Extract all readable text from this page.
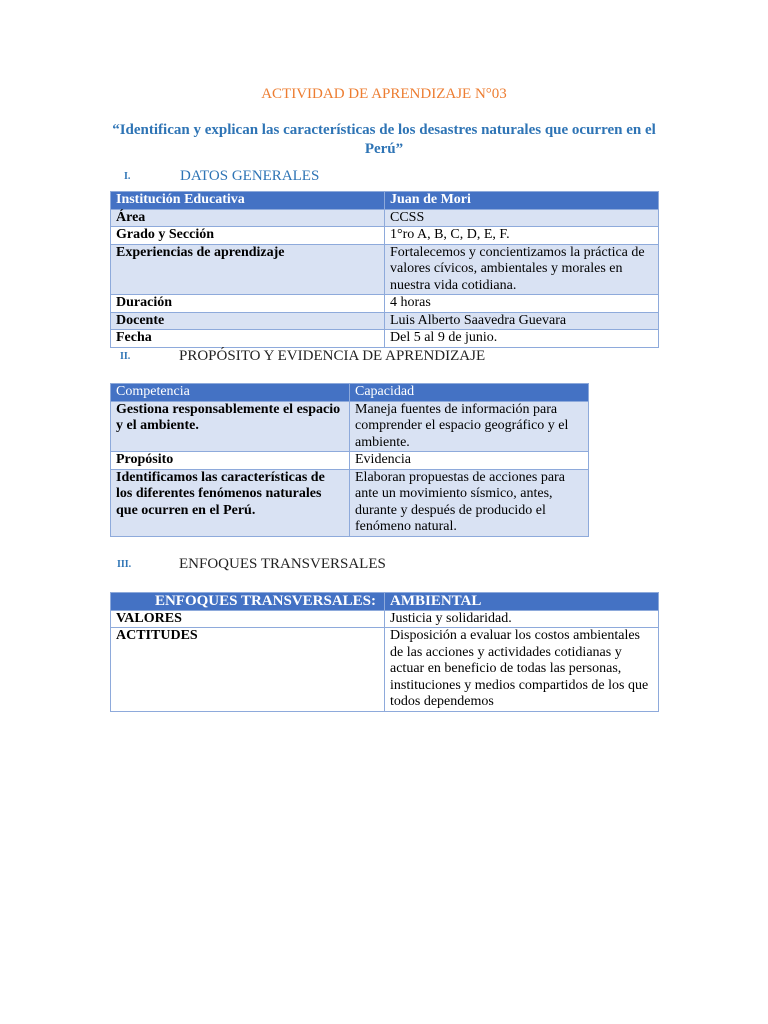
ACTIVIDAD DE APRENDIZAJE N°03
“Identifican y explican las características de los desastres naturales que ocurren en el Perú”
I.	DATOS GENERALES
Institución Educativa	Juan de Mori
Área	CCSS
Grado y Sección	1°ro A, B, C, D, E, F.
Experiencias de aprendizaje	Fortalecemos y concientizamos la práctica de valores cívicos, ambientales y morales en nuestra vida cotidiana.
Duración	4 horas
Docente	Luis Alberto Saavedra Guevara
Fecha	Del 5 al 9 de junio.
II.	PROPÓSITO Y EVIDENCIA DE APRENDIZAJE
Competencia	Capacidad
Gestiona responsablemente el espacio y el ambiente.	Maneja fuentes de información para comprender el espacio geográfico y el ambiente.
Propósito	Evidencia
Identificamos las características de los diferentes fenómenos naturales que ocurren en el Perú.	Elaboran propuestas de acciones para ante un movimiento sísmico, antes, durante y después de producido el fenómeno natural.
III.	ENFOQUES TRANSVERSALES
ENFOQUES TRANSVERSALES:	AMBIENTAL
VALORES	Justicia y solidaridad.
ACTITUDES	Disposición a evaluar los costos ambientales de las acciones y actividades cotidianas y actuar en beneficio de todas las personas, instituciones y medios compartidos de los que todos dependemos
